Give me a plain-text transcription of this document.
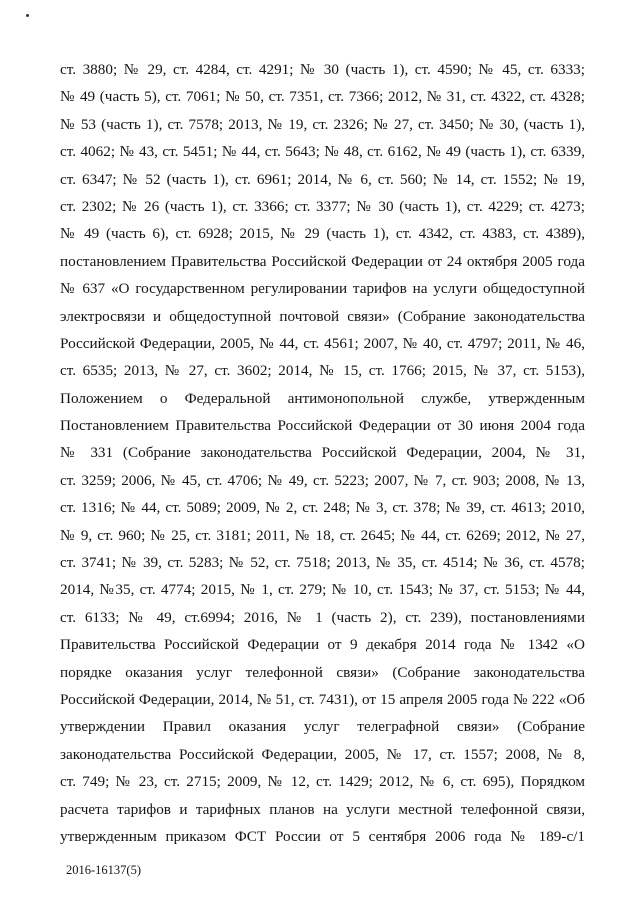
ст. 3880; № 29, ст. 4284, ст. 4291; № 30 (часть 1), ст. 4590; № 45, ст. 6333;
№ 49 (часть 5), ст. 7061; № 50, ст. 7351, ст. 7366; 2012, № 31, ст. 4322, ст. 4328;
№ 53 (часть 1), ст. 7578; 2013, № 19, ст. 2326; № 27, ст. 3450; № 30, (часть 1),
ст. 4062; № 43, ст. 5451; № 44, ст. 5643; № 48, ст. 6162, № 49 (часть 1), ст. 6339,
ст. 6347; № 52 (часть 1), ст. 6961; 2014, № 6, ст. 560; № 14, ст. 1552; № 19,
ст. 2302; № 26 (часть 1), ст. 3366; ст. 3377; № 30 (часть 1), ст. 4229; ст. 4273;
№ 49 (часть 6), ст. 6928; 2015, № 29 (часть 1), ст. 4342, ст. 4383, ст. 4389),
постановлением Правительства Российской Федерации от 24 октября 2005 года
№ 637 «О государственном регулировании тарифов на услуги общедоступной
электросвязи и общедоступной почтовой связи» (Собрание законодательства
Российской Федерации, 2005, № 44, ст. 4561; 2007, № 40, ст. 4797; 2011, № 46,
ст. 6535; 2013, № 27, ст. 3602; 2014, № 15, ст. 1766; 2015, № 37, ст. 5153),
Положением о Федеральной антимонопольной службе, утвержденным
Постановлением Правительства Российской Федерации от 30 июня 2004 года
№ 331 (Собрание законодательства Российской Федерации, 2004, № 31,
ст. 3259; 2006, № 45, ст. 4706; № 49, ст. 5223; 2007, № 7, ст. 903; 2008, № 13,
ст. 1316; № 44, ст. 5089; 2009, № 2, ст. 248; № 3, ст. 378; № 39, ст. 4613; 2010,
№ 9, ст. 960; № 25, ст. 3181; 2011, № 18, ст. 2645; № 44, ст. 6269; 2012, № 27,
ст. 3741; № 39, ст. 5283; № 52, ст. 7518; 2013, № 35, ст. 4514; № 36, ст. 4578;
2014, №35, ст. 4774; 2015, № 1, ст. 279; № 10, ст. 1543; № 37, ст. 5153; № 44,
ст. 6133; № 49, ст.6994; 2016, № 1 (часть 2), ст. 239), постановлениями
Правительства Российской Федерации от 9 декабря 2014 года № 1342 «О
порядке оказания услуг телефонной связи» (Собрание законодательства
Российской Федерации, 2014, № 51, ст. 7431), от 15 апреля 2005 года № 222 «Об
утверждении Правил оказания услуг телеграфной связи» (Собрание
законодательства Российской Федерации, 2005, № 17, ст. 1557; 2008, № 8,
ст. 749; № 23, ст. 2715; 2009, № 12, ст. 1429; 2012, № 6, ст. 695), Порядком
расчета тарифов и тарифных планов на услуги местной телефонной связи,
утвержденным приказом ФСТ России от 5 сентября 2006 года № 189-с/1
2016-16137(5)
